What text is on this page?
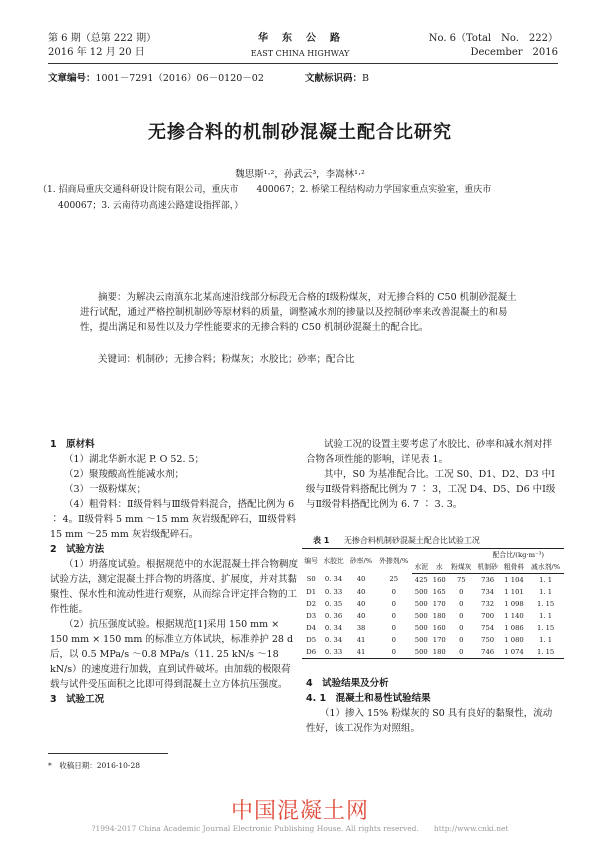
第 6 期（总第 222 期）
2016 年 12 月 20 日
华　东　公　路
EAST CHINA HIGHWAY
No. 6（Total　No.　222）
December　2016
文章编号：1001－7291（2016）06－0120－02	文献标识码：B
无掺合料的机制砂混凝土配合比研究
魏思斯¹·²，孙武云³，李嵩林¹·²
（1. 招商局重庆交通科研设计院有限公司，重庆市　　400067；2. 桥梁工程结构动力学国家重点实验室，重庆市
400067；3. 云南待功高速公路建设指挥部，）
摘要：为解决云南滇东北某高速沿线部分标段无合格的Ⅰ级粉煤灰，对无掺合料的 C50 机制砂混凝土进行试配，通过严格控制机制砂等原材料的质量，调整减水剂的掺量以及控制砂率来改善混凝土的和易性，提出满足和易性以及力学性能要求的无掺合料的 C50 机制砂混凝土的配合比。
关键词：机制砂；无掺合料；粉煤灰；水胶比；砂率；配合比

1　原材料

（1）湖北华新水泥 P. O 52. 5；

（2）聚羧酸高性能减水剂；

（3）一级粉煤灰；

（4）粗骨料：Ⅱ级骨料与Ⅲ级骨料混合，搭配比例为 6 ∶ 4。Ⅱ级骨料 5 mm ～15 mm 灰岩级配碎石，Ⅲ级骨料 15 mm ～25 mm 灰岩级配碎石。

2　试验方法

（1）坍落度试验。根据规范中的水泥混凝土拌合物稠度试验方法，测定混凝土拌合物的坍落度、扩展度，并对其黏聚性、保水性和流动性进行观察，从而综合评定拌合物的工作性能。

（2）抗压强度试验。根据规范[1]采用 150 mm × 150 mm × 150 mm 的标准立方体试块，标准养护 28 d 后，以 0.5 MPa/s ～0.8 MPa/s（11. 25 kN/s ～18 kN/s）的速度进行加载，直到试件破坏。由加载的极限荷载与试件受压面积之比即可得到混凝土立方体抗压强度。

3　试验工况

试验工况的设置主要考虑了水胶比、砂率和减水剂对拌合物各项性能的影响，详见表 1。

其中，S0 为基准配合比。工况 S0、D1、D2、D3 中Ⅰ级与Ⅱ级骨料搭配比例为 7 ∶ 3，工况 D4、D5、D6 中Ⅰ级与Ⅱ级骨料搭配比例为 6. 7 ∶ 3. 3。

表 1 无掺合料机制砂混凝土配合比试验工况
编号	水胶比	砂率/%	外掺剂/%	配合比/(kg·m⁻³)					
				水泥	水	粉煤灰	机制砂	粗骨料	减水剂/%
S0	0. 34	40	25	425	160	75	736	1 104	1. 1
D1	0. 33	40	0	500	165	0	734	1 101	1. 1
D2	0. 35	40	0	500	170	0	732	1 098	1. 15
D3	0. 36	40	0	500	180	0	700	1 140	1. 1
D4	0. 34	38	0	500	160	0	754	1 086	1. 15
D5	0. 34	41	0	500	170	0	750	1 080	1. 1
D6	0. 33	41	0	500	180	0	746	1 074	1. 15

4　试验结果及分析

4. 1　混凝土和易性试验结果

（1）掺入 15% 粉煤灰的 S0 具有良好的黏聚性，流动性好，该工况作为对照组。

*　收稿日期：2016-10-28
中国混凝土网
?1994-2017 China Academic Journal Electronic Publishing House. All rights reserved.　　http://www.cnki.net
